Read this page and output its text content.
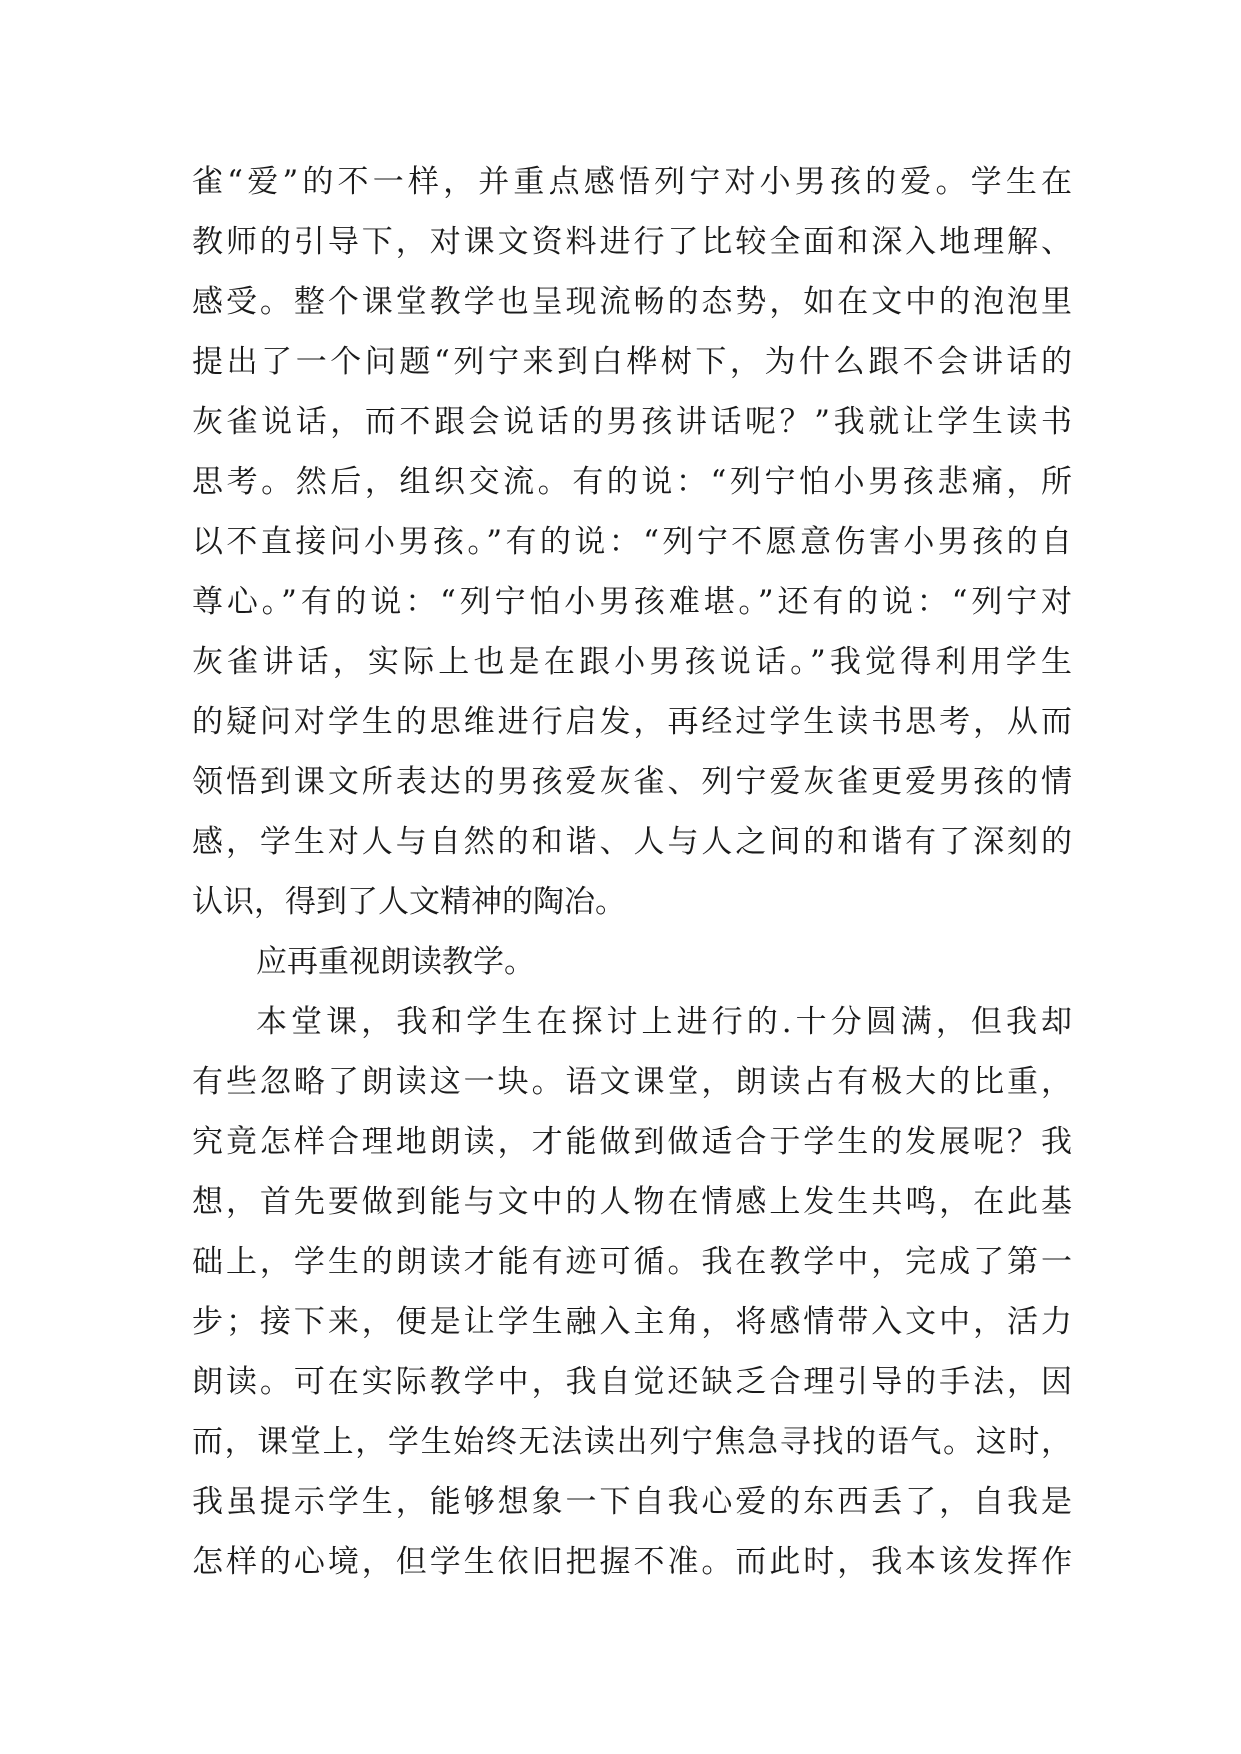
雀“爱”的不一样，并重点感悟列宁对小男孩的爱。学生在
教师的引导下，对课文资料进行了比较全面和深入地理解、
感受。整个课堂教学也呈现流畅的态势，如在文中的泡泡里
提出了一个问题“列宁来到白桦树下，为什么跟不会讲话的
灰雀说话，而不跟会说话的男孩讲话呢？”我就让学生读书
思考。然后，组织交流。有的说：“列宁怕小男孩悲痛，所
以不直接问小男孩。”有的说：“列宁不愿意伤害小男孩的自
尊心。”有的说：“列宁怕小男孩难堪。”还有的说：“列宁对
灰雀讲话，实际上也是在跟小男孩说话。”我觉得利用学生
的疑问对学生的思维进行启发，再经过学生读书思考，从而
领悟到课文所表达的男孩爱灰雀、列宁爱灰雀更爱男孩的情
感，学生对人与自然的和谐、人与人之间的和谐有了深刻的
认识，得到了人文精神的陶冶。
应再重视朗读教学。
本堂课，我和学生在探讨上进行的.十分圆满，但我却
有些忽略了朗读这一块。语文课堂，朗读占有极大的比重，
究竟怎样合理地朗读，才能做到做适合于学生的发展呢？我
想，首先要做到能与文中的人物在情感上发生共鸣，在此基
础上，学生的朗读才能有迹可循。我在教学中，完成了第一
步；接下来，便是让学生融入主角，将感情带入文中，活力
朗读。可在实际教学中，我自觉还缺乏合理引导的手法，因
而，课堂上，学生始终无法读出列宁焦急寻找的语气。这时，
我虽提示学生，能够想象一下自我心爱的东西丢了，自我是
怎样的心境，但学生依旧把握不准。而此时，我本该发挥作
